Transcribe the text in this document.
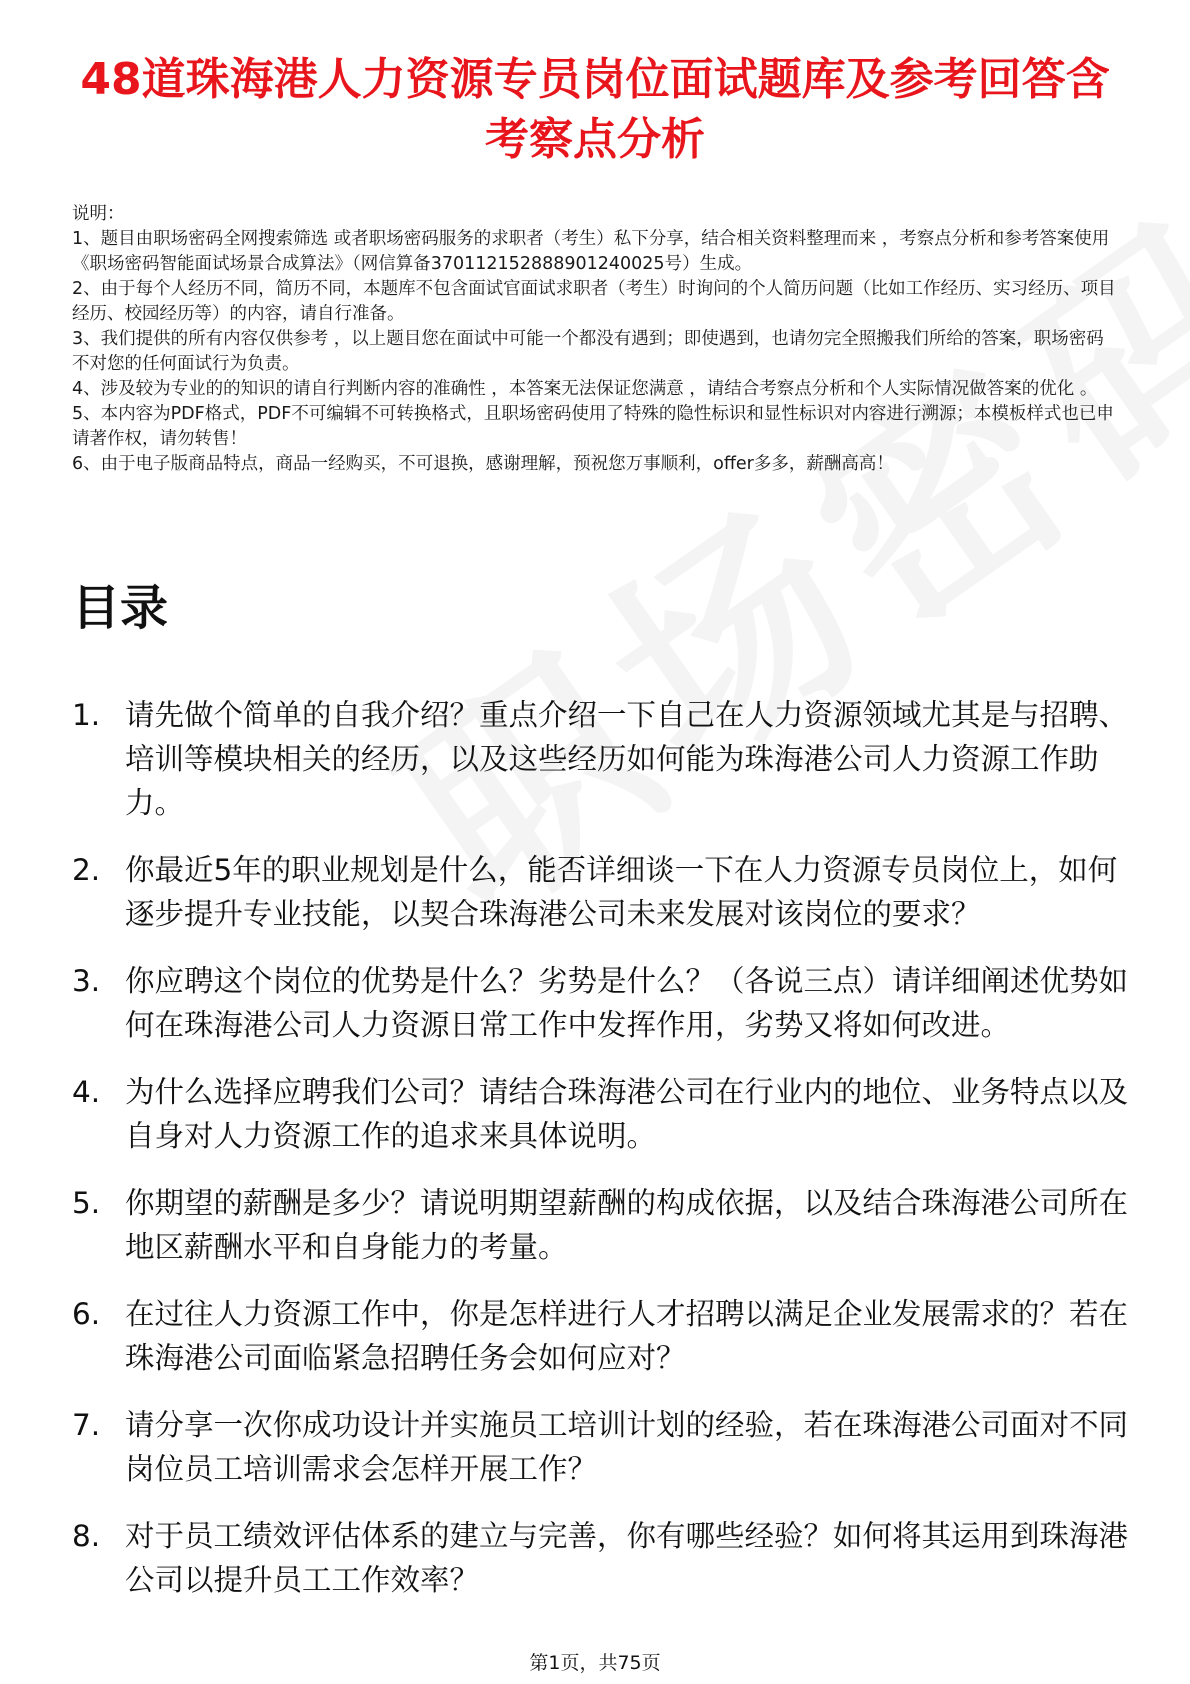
48道珠海港人力资源专员岗位面试题库及参考回答含考察点分析

说明：

1、题目由职场密码全网搜索筛选 或者职场密码服务的求职者（考生）私下分享，结合相关资料整理而来 ，考察点分析和参考答案使用《职场密码智能面试场景合成算法》（网信算备370112152888901240025号）生成。

2、由于每个人经历不同，简历不同，本题库不包含面试官面试求职者（考生）时询问的个人简历问题（比如工作经历、实习经历、项目经历、校园经历等）的内容，请自行准备。

3、我们提供的所有内容仅供参考 ，以上题目您在面试中可能一个都没有遇到；即使遇到，也请勿完全照搬我们所给的答案，职场密码不对您的任何面试行为负责。

4、涉及较为专业的的知识的请自行判断内容的准确性 ，本答案无法保证您满意 ，请结合考察点分析和个人实际情况做答案的优化 。

5、本内容为PDF格式，PDF不可编辑不可转换格式，且职场密码使用了特殊的隐性标识和显性标识对内容进行溯源；本模板样式也已申请著作权，请勿转售！

6、由于电子版商品特点，商品一经购买，不可退换，感谢理解，预祝您万事顺利，offer多多，薪酬高高！

目录
1. 请先做个简单的自我介绍？重点介绍一下自己在人力资源领域尤其是与招聘、培训等模块相关的经历，以及这些经历如何能为珠海港公司人力资源工作助力。
2. 你最近5年的职业规划是什么，能否详细谈一下在人力资源专员岗位上，如何逐步提升专业技能，以契合珠海港公司未来发展对该岗位的要求？
3. 你应聘这个岗位的优势是什么？劣势是什么？（各说三点）请详细阐述优势如何在珠海港公司人力资源日常工作中发挥作用，劣势又将如何改进。
4. 为什么选择应聘我们公司？请结合珠海港公司在行业内的地位、业务特点以及自身对人力资源工作的追求来具体说明。
5. 你期望的薪酬是多少？请说明期望薪酬的构成依据，以及结合珠海港公司所在地区薪酬水平和自身能力的考量。
6. 在过往人力资源工作中，你是怎样进行人才招聘以满足企业发展需求的？若在珠海港公司面临紧急招聘任务会如何应对？
7. 请分享一次你成功设计并实施员工培训计划的经验，若在珠海港公司面对不同岗位员工培训需求会怎样开展工作？
8. 对于员工绩效评估体系的建立与完善，你有哪些经验？如何将其运用到珠海港公司以提升员工工作效率？
第1页，共75页
